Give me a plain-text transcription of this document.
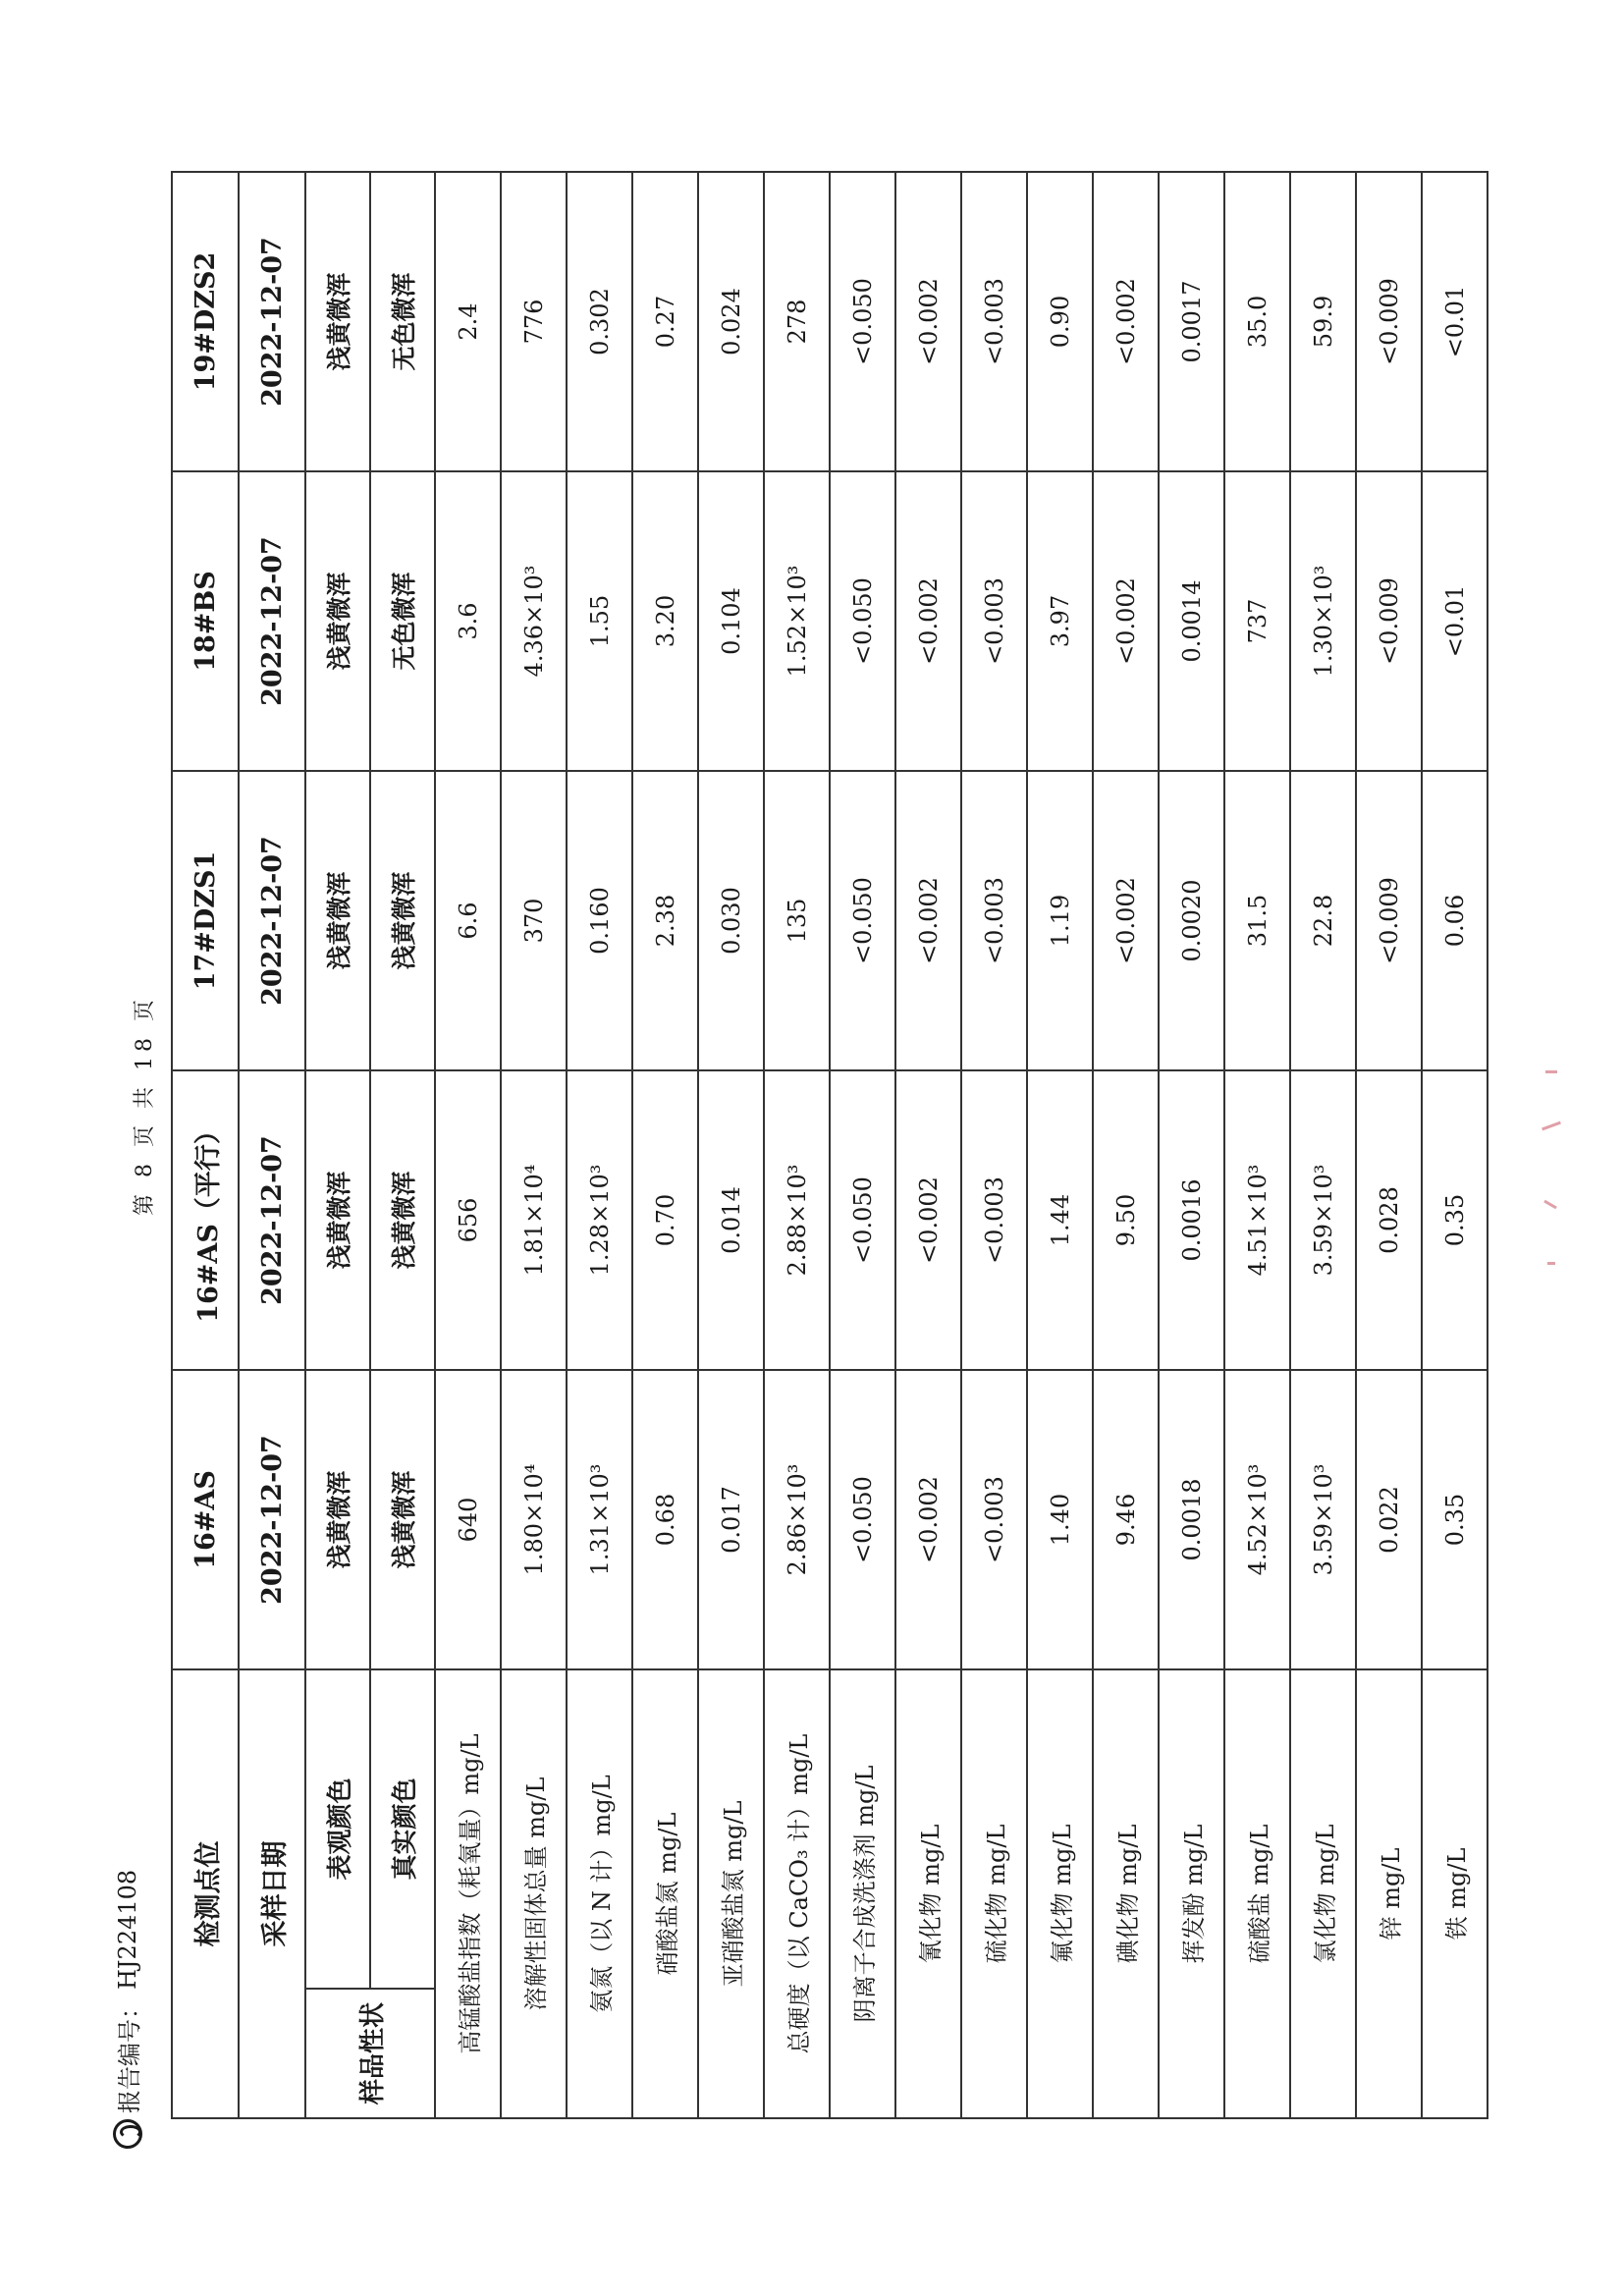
报告编号：
HJ224108
第 8 页 共 18 页
检测点位		16#AS	16#AS（平行）	17#DZS1	18#BS	19#DZS2
采样日期		2022-12-07	2022-12-07	2022-12-07	2022-12-07	2022-12-07
样品性状	表观颜色	浅黄微浑	浅黄微浑	浅黄微浑	浅黄微浑	浅黄微浑
	真实颜色	浅黄微浑	浅黄微浑	浅黄微浑	无色微浑	无色微浑
高锰酸盐指数（耗氧量）mg/L		640	656	6.6	3.6	2.4
溶解性固体总量 mg/L		1.80×10⁴	1.81×10⁴	370	4.36×10³	776
氨氮（以 N 计）mg/L		1.31×10³	1.28×10³	0.160	1.55	0.302
硝酸盐氮 mg/L		0.68	0.70	2.38	3.20	0.27
亚硝酸盐氮 mg/L		0.017	0.014	0.030	0.104	0.024
总硬度（以 CaCO₃ 计）mg/L		2.86×10³	2.88×10³	135	1.52×10³	278
阴离子合成洗涤剂 mg/L		<0.050	<0.050	<0.050	<0.050	<0.050
氰化物 mg/L		<0.002	<0.002	<0.002	<0.002	<0.002
硫化物 mg/L		<0.003	<0.003	<0.003	<0.003	<0.003
氟化物 mg/L		1.40	1.44	1.19	3.97	0.90
碘化物 mg/L		9.46	9.50	<0.002	<0.002	<0.002
挥发酚 mg/L		0.0018	0.0016	0.0020	0.0014	0.0017
硫酸盐 mg/L		4.52×10³	4.51×10³	31.5	737	35.0
氯化物 mg/L		3.59×10³	3.59×10³	22.8	1.30×10³	59.9
锌 mg/L		0.022	0.028	<0.009	<0.009	<0.009
铁 mg/L		0.35	0.35	0.06	<0.01	<0.01
